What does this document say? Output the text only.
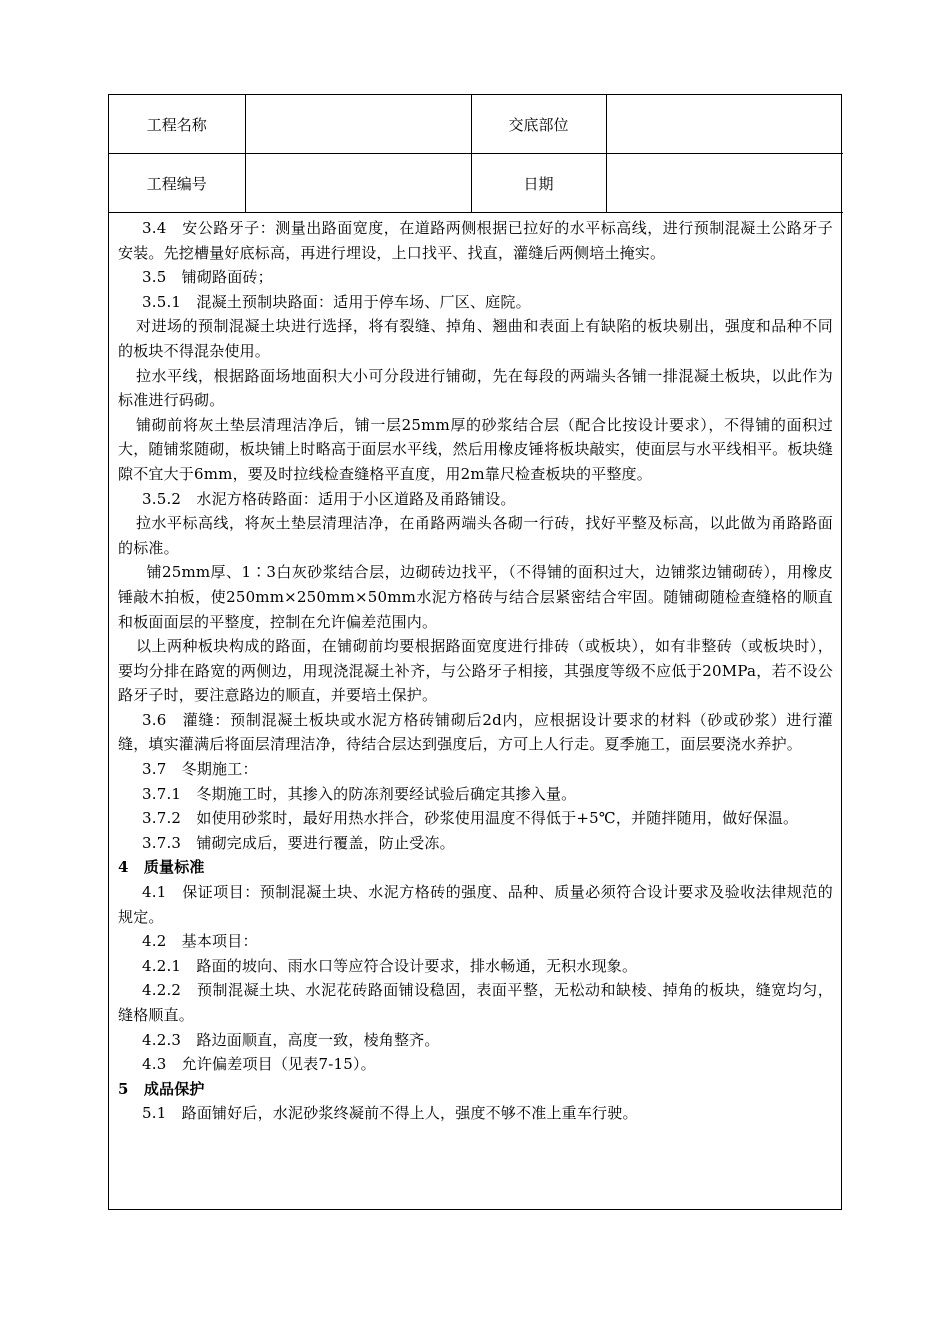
工程名称		交底部位	
工程编号		日期	

3.4　安公路牙子：测量出路面宽度，在道路两侧根据已拉好的水平标高线，进行预制混凝土公路牙子安装。先挖槽量好底标高，再进行埋设，上口找平、找直，灌缝后两侧培土掩实。

3.5　铺砌路面砖；

3.5.1　混凝土预制块路面：适用于停车场、厂区、庭院。

对进场的预制混凝土块进行选择，将有裂缝、掉角、翘曲和表面上有缺陷的板块剔出，强度和品种不同的板块不得混杂使用。

拉水平线，根据路面场地面积大小可分段进行铺砌，先在每段的两端头各铺一排混凝土板块，以此作为标准进行码砌。

铺砌前将灰土垫层清理洁净后，铺一层25mm厚的砂浆结合层（配合比按设计要求），不得铺的面积过大，随铺浆随砌，板块铺上时略高于面层水平线，然后用橡皮锤将板块敲实，使面层与水平线相平。板块缝隙不宜大于6mm，要及时拉线检查缝格平直度，用2m靠尺检查板块的平整度。

3.5.2　水泥方格砖路面：适用于小区道路及甬路铺设。

拉水平标高线，将灰土垫层清理洁净，在甬路两端头各砌一行砖，找好平整及标高，以此做为甬路路面的标准。

铺25mm厚、1∶3白灰砂浆结合层，边砌砖边找平，（不得铺的面积过大，边铺浆边铺砌砖），用橡皮锤敲木拍板，使250mm×250mm×50mm水泥方格砖与结合层紧密结合牢固。随铺砌随检查缝格的顺直和板面面层的平整度，控制在允许偏差范围内。

以上两种板块构成的路面，在铺砌前均要根据路面宽度进行排砖（或板块），如有非整砖（或板块时），要均分排在路宽的两侧边，用现浇混凝土补齐，与公路牙子相接，其强度等级不应低于20MPa，若不设公路牙子时，要注意路边的顺直，并要培土保护。

3.6　灌缝：预制混凝土板块或水泥方格砖铺砌后2d内，应根据设计要求的材料（砂或砂浆）进行灌缝，填实灌满后将面层清理洁净，待结合层达到强度后，方可上人行走。夏季施工，面层要浇水养护。

3.7　冬期施工：

3.7.1　冬期施工时，其掺入的防冻剂要经试验后确定其掺入量。

3.7.2　如使用砂浆时，最好用热水拌合，砂浆使用温度不得低于+5℃，并随拌随用，做好保温。

3.7.3　铺砌完成后，要进行覆盖，防止受冻。

4　质量标准

4.1　保证项目：预制混凝土块、水泥方格砖的强度、品种、质量必须符合设计要求及验收法律规范的规定。

4.2　基本项目：

4.2.1　路面的坡向、雨水口等应符合设计要求，排水畅通，无积水现象。

4.2.2　预制混凝土块、水泥花砖路面铺设稳固，表面平整，无松动和缺棱、掉角的板块，缝宽均匀，缝格顺直。

4.2.3　路边面顺直，高度一致，棱角整齐。

4.3　允许偏差项目（见表7-15）。

5　成品保护

5.1　路面铺好后，水泥砂浆终凝前不得上人，强度不够不准上重车行驶。
